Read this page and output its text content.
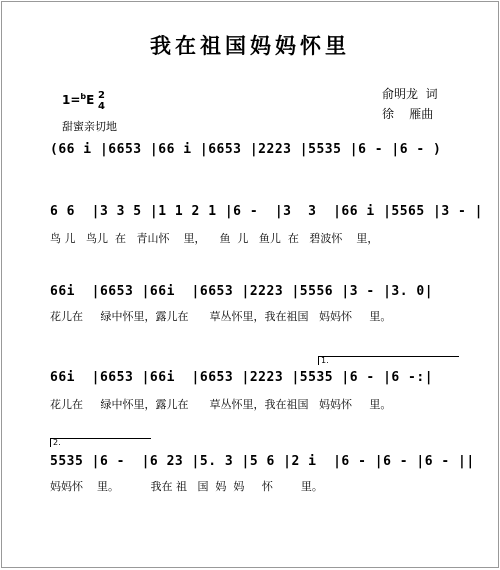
我在祖国妈妈怀里
俞明龙  词
徐    雁曲
1=$^b$E 2
4
甜蜜亲切地
(66 i |6653 |66 i |6653 |2223 |5535 |6 - |6 - )
6 6  |3 3 5 |1 1 2 1 |6 -  |3  3  |66 i |5565 |3 - |
鸟 儿   鸟儿  在   青山怀    里，    鱼  儿   鱼儿  在   碧波怀    里，
66i  |6653 |66i  |6653 |2223 |5556 |3 - |3. 0|
花儿在     绿中怀里，露儿在      草丛怀里，我在祖国   妈妈怀     里。
1.
66i  |6653 |66i  |6653 |2223 |5535 |6 - |6 -:|
花儿在     绿中怀里，露儿在      草丛怀里，我在祖国   妈妈怀     里。
2.
5535 |6 -  |6 23 |5. 3 |5 6 |2 i  |6 - |6 - |6 - ||
妈妈怀    里。         我在 祖   国  妈  妈     怀        里。
